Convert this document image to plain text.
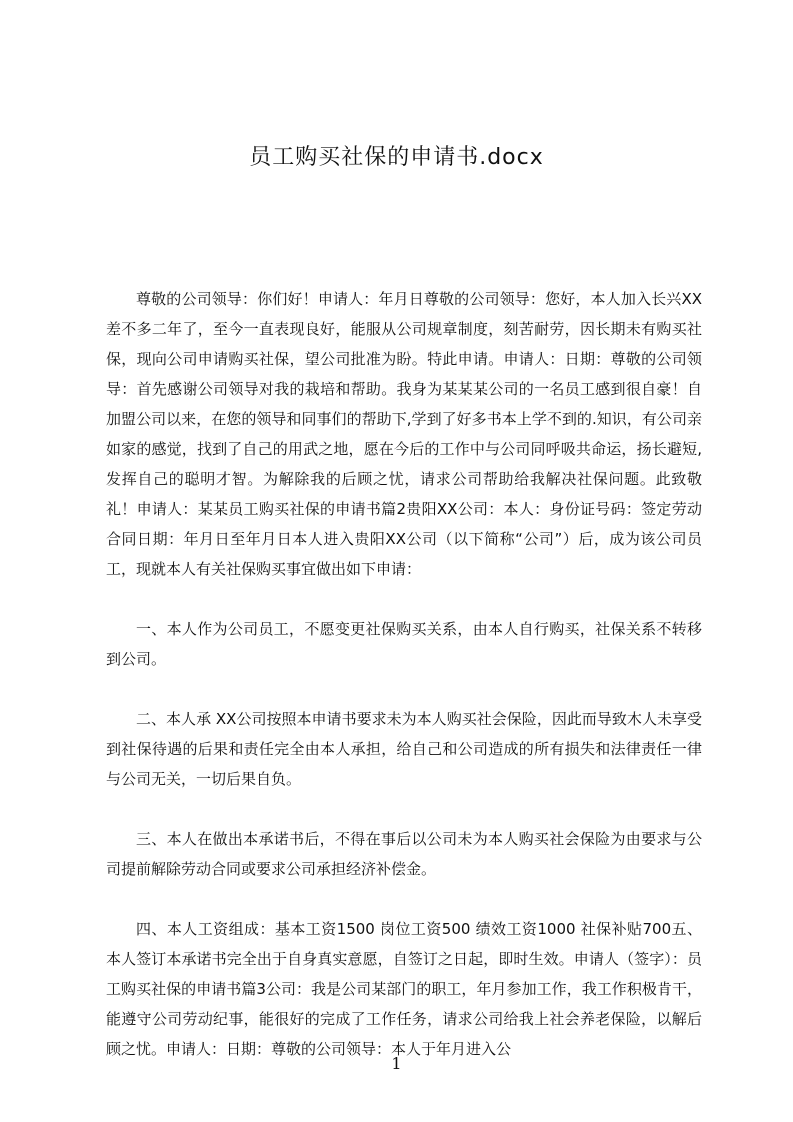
员工购买社保的申请书.docx

尊敬的公司领导：你们好！申请人：年月日尊敬的公司领导：您好，本人加入长兴XX差不多二年了，至今一直表现良好，能服从公司规章制度，刻苦耐劳，因长期未有购买社保，现向公司申请购买社保，望公司批准为盼。特此申请。申请人：日期：尊敬的公司领导：首先感谢公司领导对我的栽培和帮助。我身为某某某公司的一名员工感到很自豪！自加盟公司以来，在您的领导和同事们的帮助下,学到了好多书本上学不到的.知识，有公司亲如家的感觉，找到了自己的用武之地，愿在今后的工作中与公司同呼吸共命运，扬长避短,发挥自己的聪明才智。为解除我的后顾之忧，请求公司帮助给我解决社保问题。此致敬礼！申请人：某某员工购买社保的申请书篇2贵阳XX公司：本人：身份证号码：签定劳动合同日期：年月日至年月日本人进入贵阳XX公司（以下简称“公司”）后，成为该公司员工，现就本人有关社保购买事宜做出如下申请：

一、本人作为公司员工，不愿变更社保购买关系，由本人自行购买，社保关系不转移到公司。

二、本人承 XX公司按照本申请书要求未为本人购买社会保险，因此而导致木人未享受到社保待遇的后果和责任完全由本人承担，给自己和公司造成的所有损失和法律责任一律与公司无关，一切后果自负。

三、本人在做出本承诺书后，不得在事后以公司未为本人购买社会保险为由要求与公司提前解除劳动合同或要求公司承担经济补偿金。

四、本人工资组成：基本工资1500 岗位工资500 绩效工资1000 社保补贴700五、本人签订本承诺书完全出于自身真实意愿，自签订之日起，即时生效。申请人（签字）：员工购买社保的申请书篇3公司：我是公司某部门的职工，年月参加工作，我工作积极肯干，能遵守公司劳动纪事，能很好的完成了工作任务，请求公司给我上社会养老保险，以解后顾之忧。申请人：日期：尊敬的公司领导：本人于年月进入公

1
